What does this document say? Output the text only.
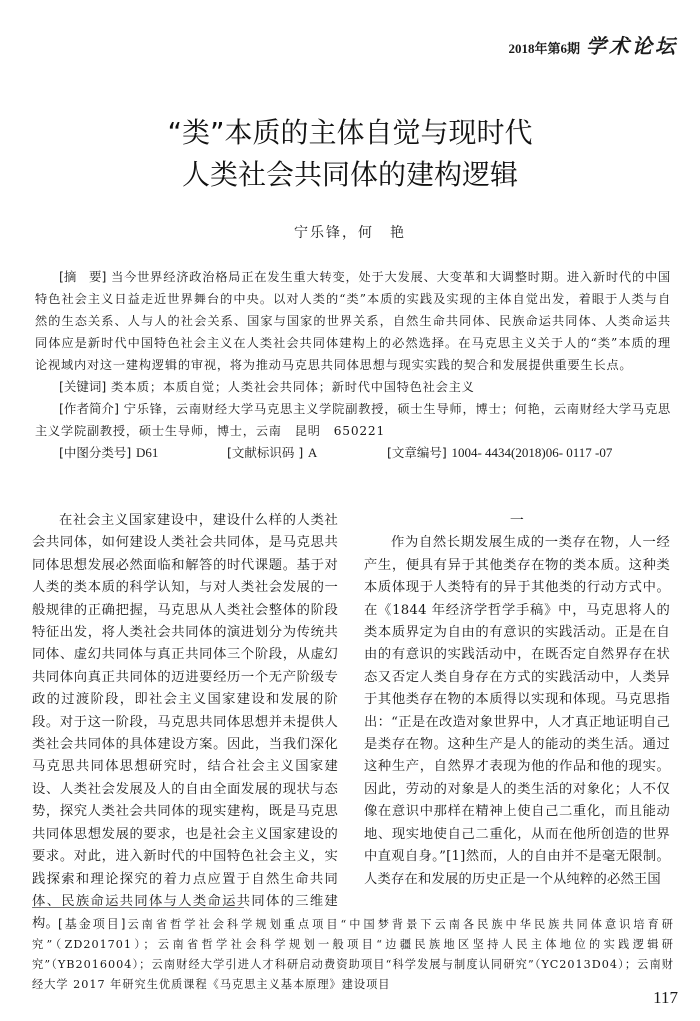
2018年第6期 学术论坛
“类”本质的主体自觉与现时代
人类社会共同体的建构逻辑
宁乐锋，何　艳

[摘　要] 当今世界经济政治格局正在发生重大转变，处于大发展、大变革和大调整时期。进入新时代的中国特色社会主义日益走近世界舞台的中央。以对人类的“类”本质的实践及实现的主体自觉出发，着眼于人类与自然的生态关系、人与人的社会关系、国家与国家的世界关系，自然生命共同体、民族命运共同体、人类命运共同体应是新时代中国特色社会主义在人类社会共同体建构上的必然选择。在马克思主义关于人的“类”本质的理论视域内对这一建构逻辑的审视，将为推动马克思共同体思想与现实实践的契合和发展提供重要生长点。

[关键词] 类本质；本质自觉；人类社会共同体；新时代中国特色社会主义

[作者简介] 宁乐锋，云南财经大学马克思主义学院副教授，硕士生导师，博士；何艳，云南财经大学马克思主义学院副教授，硕士生导师，博士，云南　昆明　650221

[中图分类号] D61	[文献标识码 ] A	[文章编号] 1004- 4434(2018)06- 0117 -07

在社会主义国家建设中，建设什么样的人类社会共同体，如何建设人类社会共同体，是马克思共同体思想发展必然面临和解答的时代课题。基于对人类的类本质的科学认知，与对人类社会发展的一般规律的正确把握，马克思从人类社会整体的阶段特征出发，将人类社会共同体的演进划分为传统共同体、虚幻共同体与真正共同体三个阶段，从虚幻共同体向真正共同体的迈进要经历一个无产阶级专政的过渡阶段，即社会主义国家建设和发展的阶段。对于这一阶段，马克思共同体思想并未提供人类社会共同体的具体建设方案。因此，当我们深化马克思共同体思想研究时，结合社会主义国家建设、人类社会发展及人的自由全面发展的现状与态势，探究人类社会共同体的现实建构，既是马克思共同体思想发展的要求，也是社会主义国家建设的要求。对此，进入新时代的中国特色社会主义，实践探索和理论探究的着力点应置于自然生命共同体、民族命运共同体与人类命运共同体的三维建构。

一

作为自然长期发展生成的一类存在物，人一经产生，便具有异于其他类存在物的类本质。这种类本质体现于人类特有的异于其他类的行动方式中。在《1844 年经济学哲学手稿》中，马克思将人的类本质界定为自由的有意识的实践活动。正是在自由的有意识的实践活动中，在既否定自然界存在状态又否定人类自身存在方式的实践活动中，人类异于其他类存在物的本质得以实现和体现。马克思指出：“正是在改造对象世界中，人才真正地证明自己是类存在物。这种生产是人的能动的类生活。通过这种生产，自然界才表现为他的作品和他的现实。因此，劳动的对象是人的类生活的对象化；人不仅像在意识中那样在精神上使自己二重化，而且能动地、现实地使自己二重化，从而在他所创造的世界中直观自身。”[1]然而，人的自由并不是毫无限制。人类存在和发展的历史正是一个从纯粹的必然王国

[基金项目]云南省哲学社会科学规划重点项目“中国梦背景下云南各民族中华民族共同体意识培育研究”（ZD201701）；云南省哲学社会科学规划一般项目“边疆民族地区坚持人民主体地位的实践逻辑研究”（YB2016004）；云南财经大学引进人才科研启动费资助项目“科学发展与制度认同研究”（YC2013D04）；云南财经大学 2017 年研究生优质课程《马克思主义基本原理》建设项目

117
